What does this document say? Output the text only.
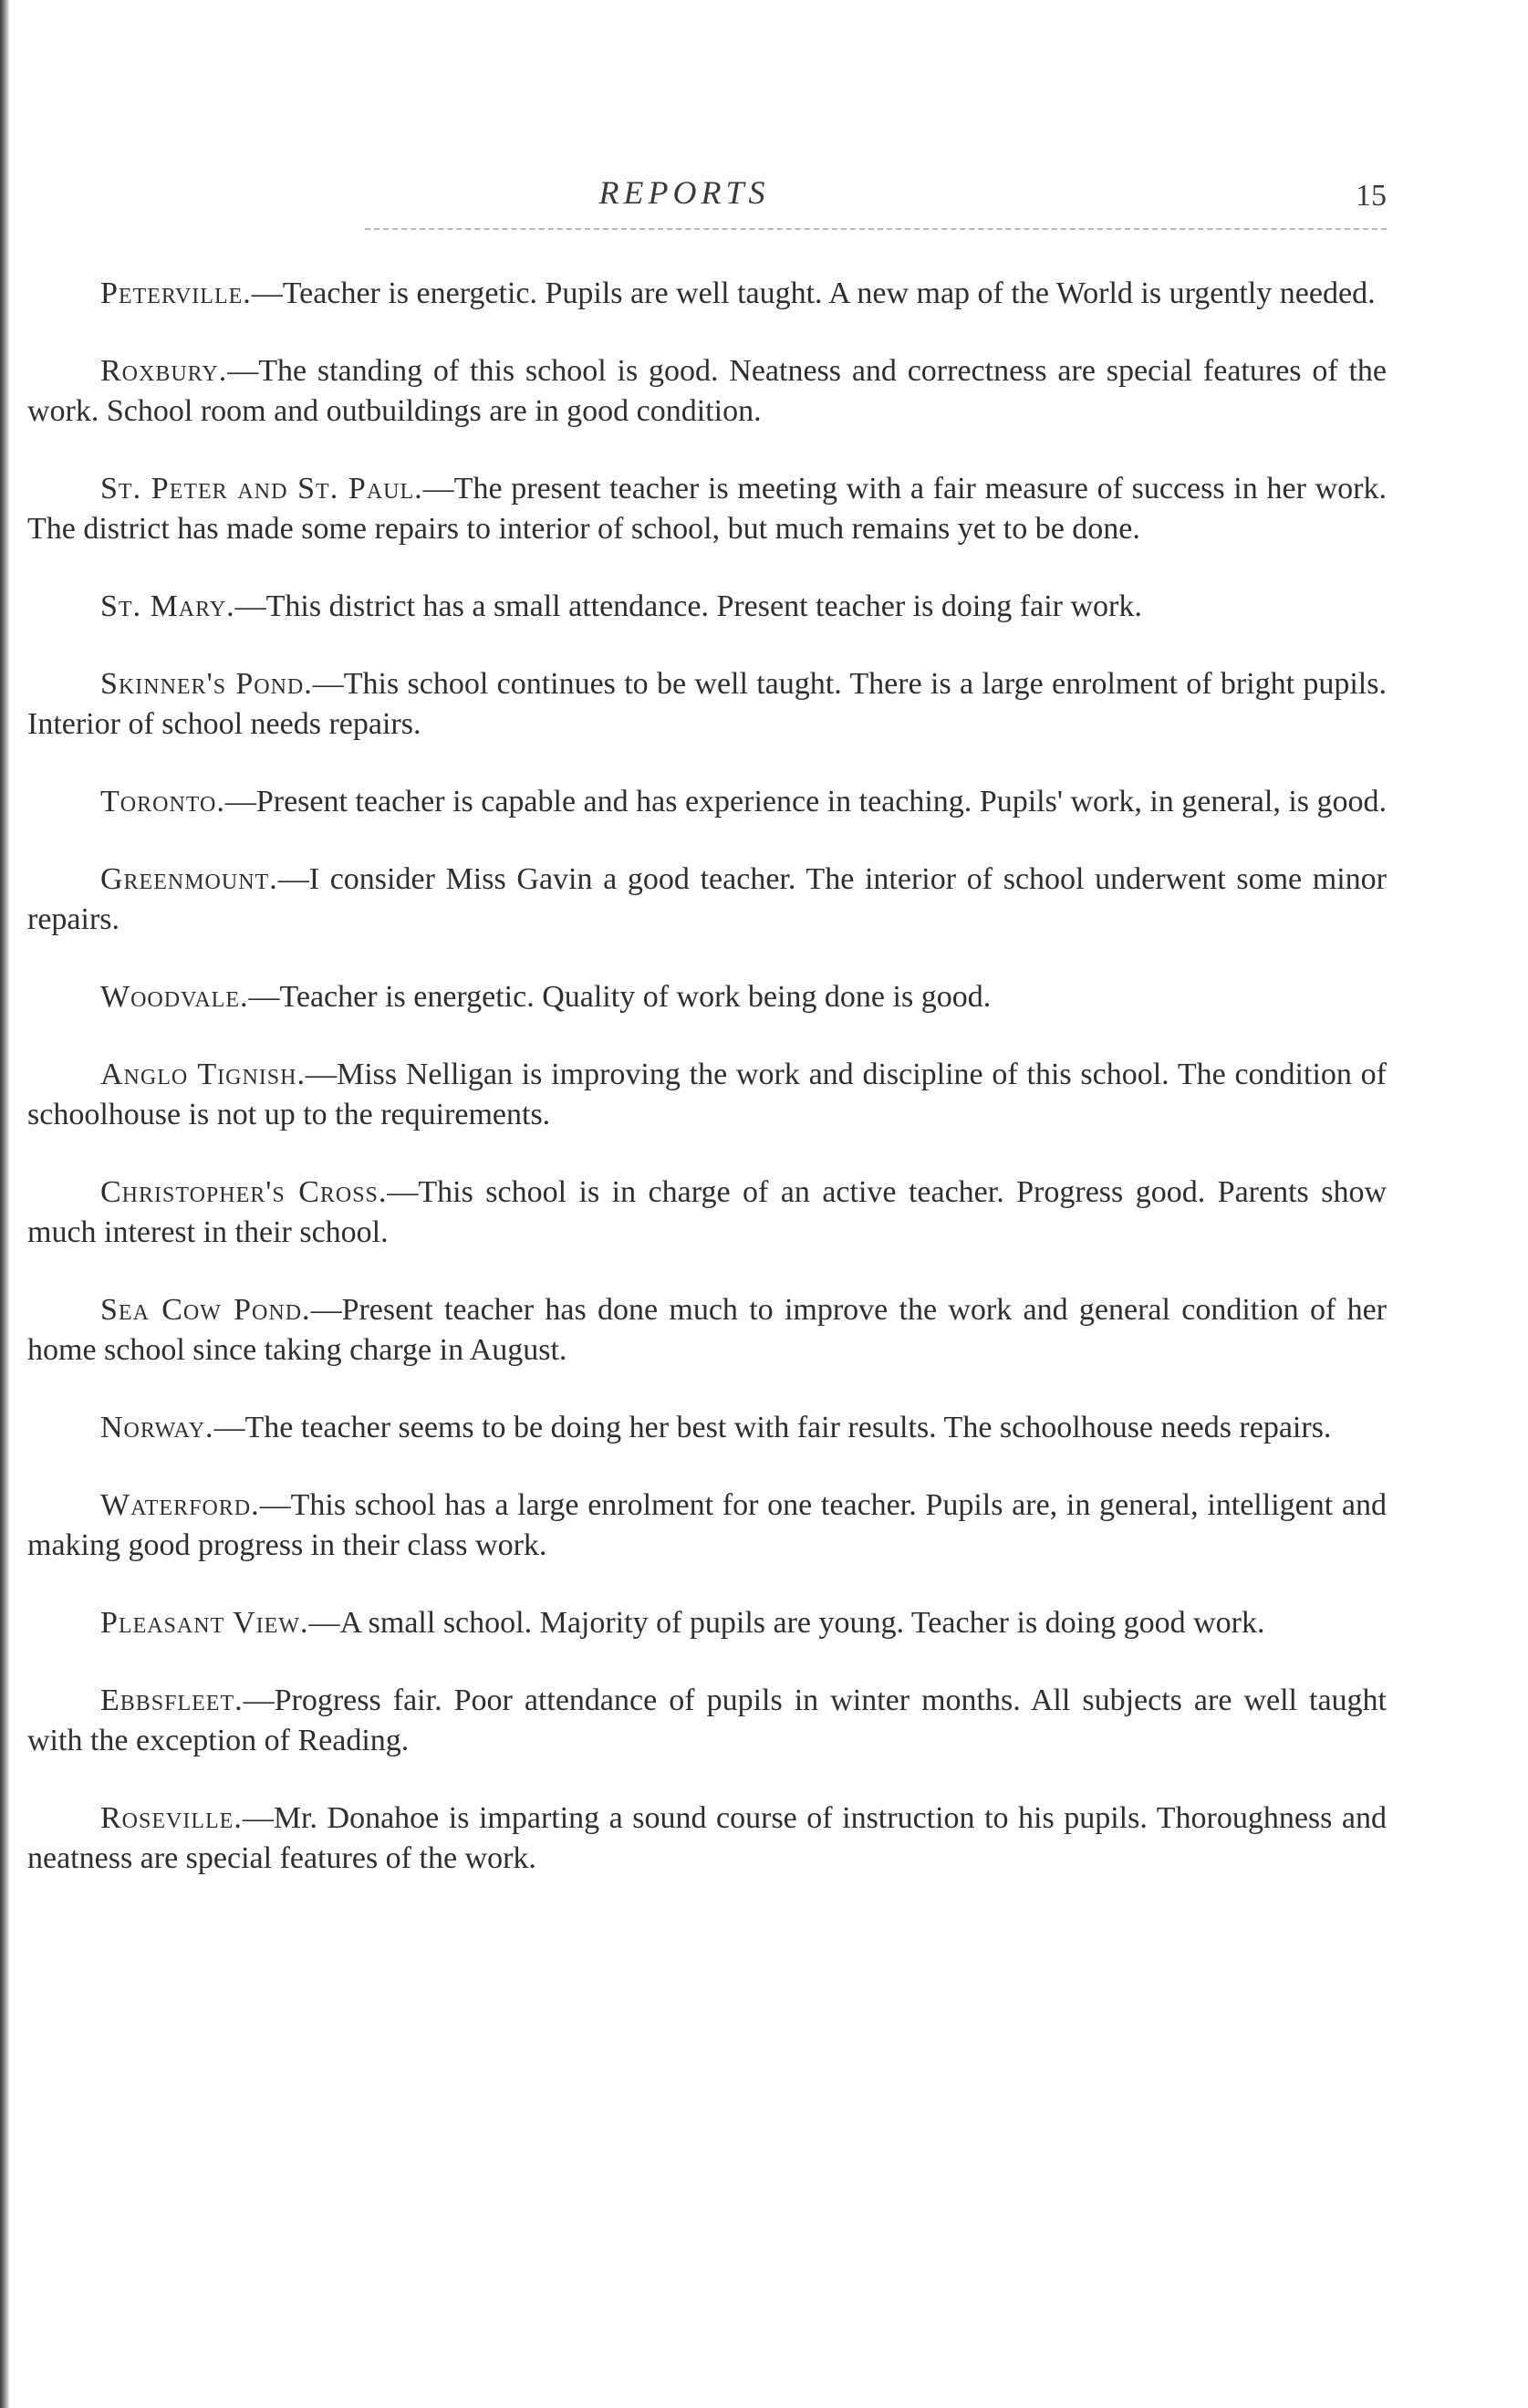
REPORTS	15

Peterville.—Teacher is energetic. Pupils are well taught. A new map of the World is urgently needed.

Roxbury.—The standing of this school is good. Neatness and correctness are special features of the work. School room and outbuildings are in good condition.

St. Peter and St. Paul.—The present teacher is meeting with a fair measure of success in her work. The district has made some repairs to interior of school, but much remains yet to be done.

St. Mary.—This district has a small attendance. Present teacher is doing fair work.

Skinner's Pond.—This school continues to be well taught. There is a large enrolment of bright pupils. Interior of school needs repairs.

Toronto.—Present teacher is capable and has experience in teaching. Pupils' work, in general, is good.

Greenmount.—I consider Miss Gavin a good teacher. The interior of school underwent some minor repairs.

Woodvale.—Teacher is energetic. Quality of work being done is good.

Anglo Tignish.—Miss Nelligan is improving the work and discipline of this school. The condition of schoolhouse is not up to the requirements.

Christopher's Cross.—This school is in charge of an active teacher. Progress good. Parents show much interest in their school.

Sea Cow Pond.—Present teacher has done much to improve the work and general condition of her home school since taking charge in August.

Norway.—The teacher seems to be doing her best with fair results. The schoolhouse needs repairs.

Waterford.—This school has a large enrolment for one teacher. Pupils are, in general, intelligent and making good progress in their class work.

Pleasant View.—A small school. Majority of pupils are young. Teacher is doing good work.

Ebbsfleet.—Progress fair. Poor attendance of pupils in winter months. All subjects are well taught with the exception of Reading.

Roseville.—Mr. Donahoe is imparting a sound course of instruction to his pupils. Thoroughness and neatness are special features of the work.
